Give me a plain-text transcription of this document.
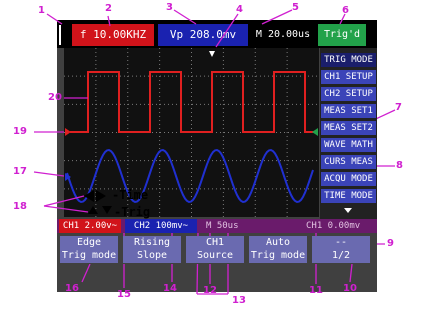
f 10.00KHZ	Vp 208.0mv	M 20.00us	Trig'd
-Time
-Trig
TRIG MODE
CH1 SETUP
CH2 SETUP
MEAS SET1
MEAS SET2
WAVE MATH
CURS MEAS
ACQU MODE
TIME MODE
CH1 2.00v~	CH2 100mv~	M 50us	CH1 0.00mv
Edge
Trig mode
Rising
Slope
CH1
Source
Auto
Trig mode
--
1/2
1	2	3	4	5	6
7
8
9
10
11
12
13
14
15
16
17
18
19
20
